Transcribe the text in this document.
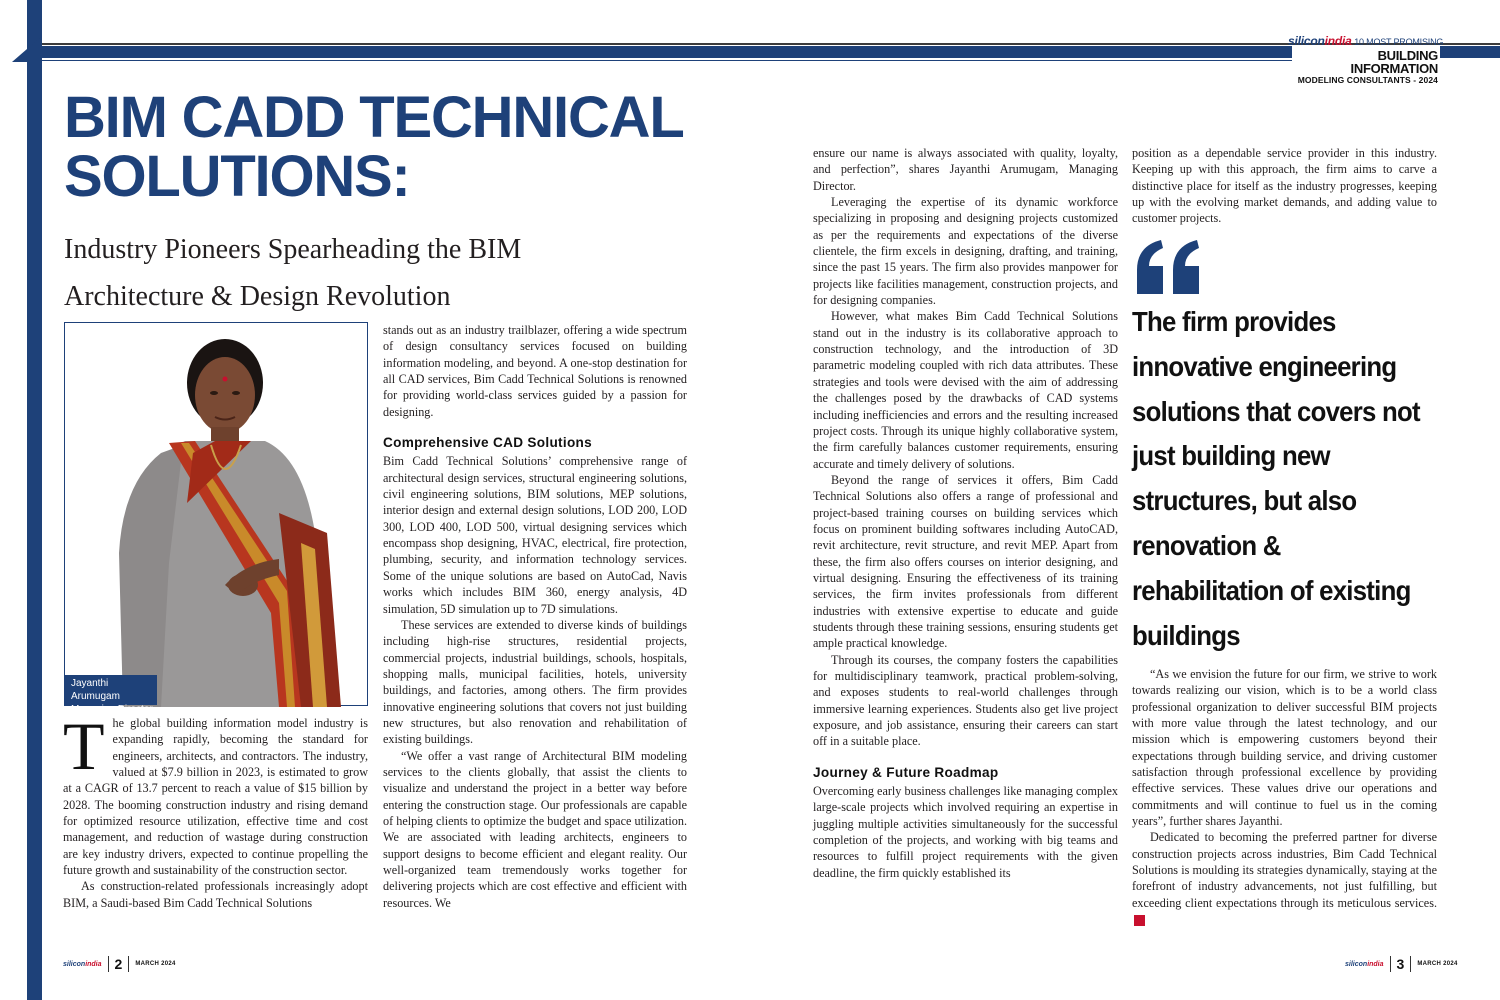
siliconindia 10 MOST PROMISING
BUILDING INFORMATION
MODELING CONSULTANTS - 2024
BIM CADD TECHNICAL
SOLUTIONS:
Industry Pioneers Spearheading the BIM
Architecture & Design Revolution
Jayanthi Arumugam
Managing Director

The global building information model industry is expanding rapidly, becoming the standard for engineers, architects, and contractors. The industry, valued at $7.9 billion in 2023, is estimated to grow at a CAGR of 13.7 percent to reach a value of $15 billion by 2028. The booming construction industry and rising demand for optimized resource utilization, effective time and cost management, and reduction of wastage during construction are key industry drivers, expected to continue propelling the future growth and sustainability of the construction sector.

As construction-related professionals increasingly adopt BIM, a Saudi-based Bim Cadd Technical Solutions

stands out as an industry trailblazer, offering a wide spectrum of design consultancy services focused on building information modeling, and beyond. A one-stop destination for all CAD services, Bim Cadd Technical Solutions is renowned for providing world-class services guided by a passion for designing.

Comprehensive CAD Solutions

Bim Cadd Technical Solutions’ comprehensive range of architectural design services, structural engineering solutions, civil engineering solutions, BIM solutions, MEP solutions, interior design and external design solutions, LOD 200, LOD 300, LOD 400, LOD 500, virtual designing services which encompass shop designing, HVAC, electrical, fire protection, plumbing, security, and information technology services. Some of the unique solutions are based on AutoCad, Navis works which includes BIM 360, energy analysis, 4D simulation, 5D simulation up to 7D simulations.

These services are extended to diverse kinds of buildings including high-rise structures, residential projects, commercial projects, industrial buildings, schools, hospitals, shopping malls, municipal facilities, hotels, university buildings, and factories, among others. The firm provides innovative engineering solutions that covers not just building new structures, but also renovation and rehabilitation of existing buildings.

“We offer a vast range of Architectural BIM modeling services to the clients globally, that assist the clients to visualize and understand the project in a better way before entering the construction stage. Our professionals are capable of helping clients to optimize the budget and space utilization. We are associated with leading architects, engineers to support designs to become efficient and elegant reality. Our well-organized team tremendously works together for delivering projects which are cost effective and efficient with resources. We

ensure our name is always associated with quality, loyalty, and perfection”, shares Jayanthi Arumugam, Managing Director.

Leveraging the expertise of its dynamic workforce specializing in proposing and designing projects customized as per the requirements and expectations of the diverse clientele, the firm excels in designing, drafting, and training, since the past 15 years. The firm also provides manpower for projects like facilities management, construction projects, and for designing companies.

However, what makes Bim Cadd Technical Solutions stand out in the industry is its collaborative approach to construction technology, and the introduction of 3D parametric modeling coupled with rich data attributes. These strategies and tools were devised with the aim of addressing the challenges posed by the drawbacks of CAD systems including inefficiencies and errors and the resulting increased project costs. Through its unique highly collaborative system, the firm carefully balances customer requirements, ensuring accurate and timely delivery of solutions.

Beyond the range of services it offers, Bim Cadd Technical Solutions also offers a range of professional and project-based training courses on building services which focus on prominent building softwares including AutoCAD, revit architecture, revit structure, and revit MEP. Apart from these, the firm also offers courses on interior designing, and virtual designing. Ensuring the effectiveness of its training services, the firm invites professionals from different industries with extensive expertise to educate and guide students through these training sessions, ensuring students get ample practical knowledge.

Through its courses, the company fosters the capabilities for multidisciplinary teamwork, practical problem-solving, and exposes students to real-world challenges through immersive learning experiences. Students also get live project exposure, and job assistance, ensuring their careers can start off in a suitable place.

Journey & Future Roadmap

Overcoming early business challenges like managing complex large-scale projects which involved requiring an expertise in juggling multiple activities simultaneously for the successful completion of the projects, and working with big teams and resources to fulfill project requirements with the given deadline, the firm quickly established its

position as a dependable service provider in this industry. Keeping up with this approach, the firm aims to carve a distinctive place for itself as the industry progresses, keeping up with the evolving market demands, and adding value to customer projects.

The firm provides innovative engineering solutions that covers not just building new structures, but also renovation & rehabilitation of existing buildings

“As we envision the future for our firm, we strive to work towards realizing our vision, which is to be a world class professional organization to deliver successful BIM projects with more value through the latest technology, and our mission which is empowering customers beyond their expectations through building service, and driving customer satisfaction through professional excellence by providing effective services. These values drive our operations and commitments and will continue to fuel us in the coming years”, further shares Jayanthi.

Dedicated to becoming the preferred partner for diverse construction projects across industries, Bim Cadd Technical Solutions is moulding its strategies dynamically, staying at the forefront of industry advancements, not just fulfilling, but exceeding client expectations through its meticulous services.si

siliconindia 2 MARCH 2024	siliconindia 3 MARCH 2024
